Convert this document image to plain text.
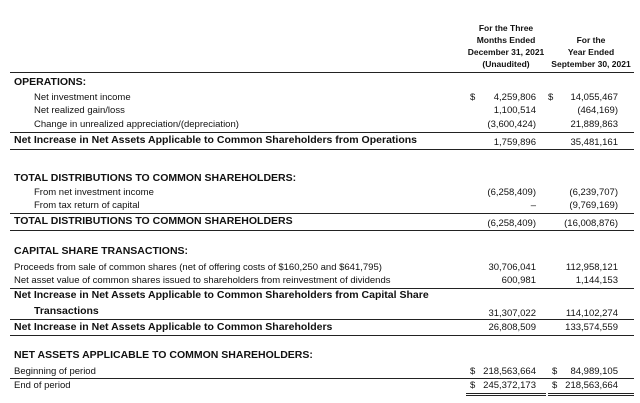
For the Three
Months Ended
December 31, 2021
(Unaudited)
For the
Year Ended
September 30, 2021
OPERATIONS:
Net investment income	$	4,259,806 $	14,055,467
Net realized gain/loss	1,100,514	(464,169)
Change in unrealized appreciation/(depreciation)	(3,600,424)	21,889,863
Net Increase in Net Assets Applicable to Common Shareholders from Operations	1,759,896	35,481,161
TOTAL DISTRIBUTIONS TO COMMON SHAREHOLDERS:
From net investment income	(6,258,409)	(6,239,707)
From tax return of capital	–	(9,769,169)
TOTAL DISTRIBUTIONS TO COMMON SHAREHOLDERS	(6,258,409)	(16,008,876)
CAPITAL SHARE TRANSACTIONS:
Proceeds from sale of common shares (net of offering costs of $160,250 and $641,795)	30,706,041	112,958,121
Net asset value of common shares issued to shareholders from reinvestment of dividends	600,981	1,144,153
Net Increase in Net Assets Applicable to Common Shareholders from Capital Share
Transactions	31,307,022	114,102,274
Net Increase in Net Assets Applicable to Common Shareholders	26,808,509	133,574,559
NET ASSETS APPLICABLE TO COMMON SHAREHOLDERS:
Beginning of period	$ 218,563,664 $	84,989,105
End of period	$ 245,372,173 $ 218,563,664
